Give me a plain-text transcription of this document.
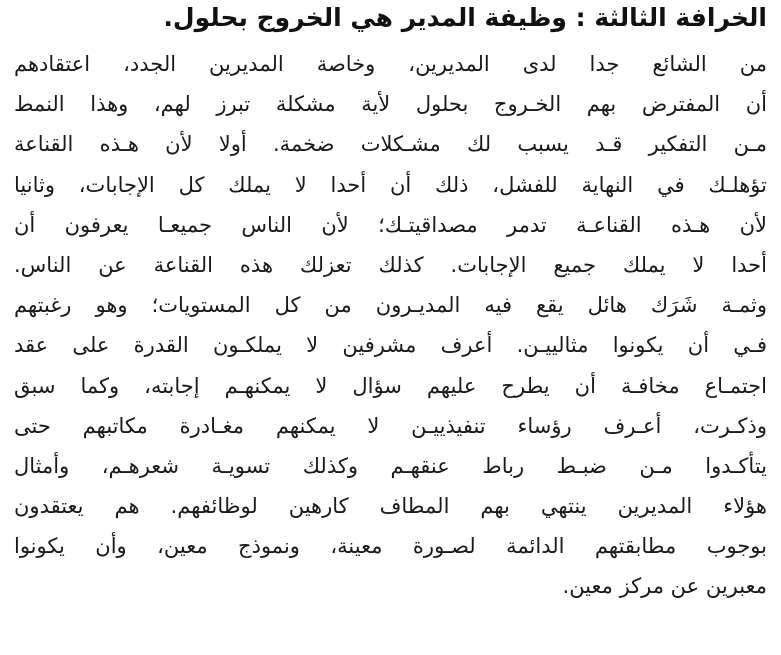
الخرافة الثالثة : وظيفة المدير هي الخروج بحلول.
من الشائع جدا لدى المديرين، وخاصة المديرين الجدد، اعتقادهم
أن المفترض بهم الخـروج بحلول لأية مشكلة تبرز لهم، وهذا النمط
مـن التفكير قـد يسبب لك مشـكلات ضخمة. أولا لأن هـذه القناعة
تؤهلـك في النهاية للفشل، ذلك أن أحدا لا يملك كل الإجابات، وثانيا
لأن هـذه القناعـة تدمر مصداقيتـك؛ لأن الناس جميعـا يعرفون أن
أحدا لا يملك جميع الإجابات. كذلك تعزلك هذه القناعة عن الناس.
وثمـة شَرَك هائل يقع فيه المديـرون من كل المستويات؛ وهو رغبتهم
فـي أن يكونوا مثالييـن. أعرف مشرفين لا يملكـون القدرة على عقد
اجتمـاع مخافـة أن يطرح عليهم سؤال لا يمكنهـم إجابته، وكما سبق
وذكـرت، أعـرف رؤساء تنفيذييـن لا يمكنهم مغـادرة مكاتبهم حتى
يتأكـدوا مـن ضبـط رباط عنقهـم وكذلك تسويـة شعرهـم، وأمثال
هؤلاء المديرين ينتهي بهم المطاف كارهين لوظائفهم. هم يعتقدون
بوجوب مطابقتهم الدائمة لصـورة معينة، ونموذج معين، وأن يكونوا
معبرين عن مركز معين.
